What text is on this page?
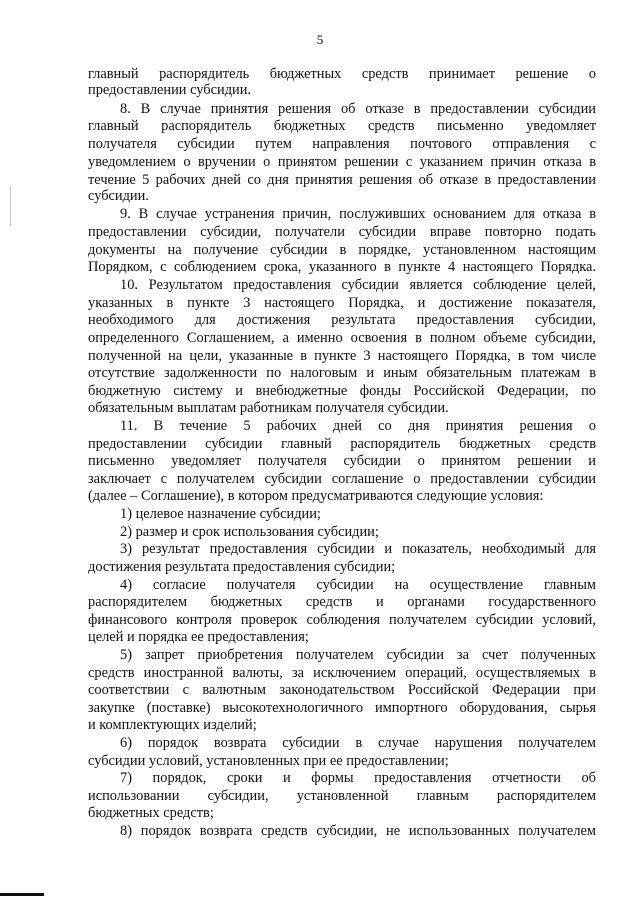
5
главный распорядитель бюджетных средств принимает решение о
предоставлении субсидии.
8. В случае принятия решения об отказе в предоставлении субсидии
главный распорядитель бюджетных средств письменно уведомляет
получателя субсидии путем направления почтового отправления с
уведомлением о вручении о принятом решении с указанием причин отказа в
течение 5 рабочих дней со дня принятия решения об отказе в предоставлении
субсидии.
9. В случае устранения причин, послуживших основанием для отказа в
предоставлении субсидии, получатели субсидии вправе повторно подать
документы на получение субсидии в порядке, установленном настоящим
Порядком, с соблюдением срока, указанного в пункте 4 настоящего Порядка.
10. Результатом предоставления субсидии является соблюдение целей,
указанных в пункте 3 настоящего Порядка, и достижение показателя,
необходимого для достижения результата предоставления субсидии,
определенного Соглашением, а именно освоения в полном объеме субсидии,
полученной на цели, указанные в пункте 3 настоящего Порядка, в том числе
отсутствие задолженности по налоговым и иным обязательным платежам в
бюджетную систему и внебюджетные фонды Российской Федерации, по
обязательным выплатам работникам получателя субсидии.
11. В течение 5 рабочих дней со дня принятия решения о
предоставлении субсидии главный распорядитель бюджетных средств
письменно уведомляет получателя субсидии о принятом решении и
заключает с получателем субсидии соглашение о предоставлении субсидии
(далее – Соглашение), в котором предусматриваются следующие условия:
1) целевое назначение субсидии;
2) размер и срок использования субсидии;
3) результат предоставления субсидии и показатель, необходимый для
достижения результата предоставления субсидии;
4) согласие получателя субсидии на осуществление главным
распорядителем бюджетных средств и органами государственного
финансового контроля проверок соблюдения получателем субсидии условий,
целей и порядка ее предоставления;
5) запрет приобретения получателем субсидии за счет полученных
средств иностранной валюты, за исключением операций, осуществляемых в
соответствии с валютным законодательством Российской Федерации при
закупке (поставке) высокотехнологичного импортного оборудования, сырья
и комплектующих изделий;
6) порядок возврата субсидии в случае нарушения получателем
субсидии условий, установленных при ее предоставлении;
7) порядок, сроки и формы предоставления отчетности об
использовании субсидии, установленной главным распорядителем
бюджетных средств;
8) порядок возврата средств субсидии, не использованных получателем
